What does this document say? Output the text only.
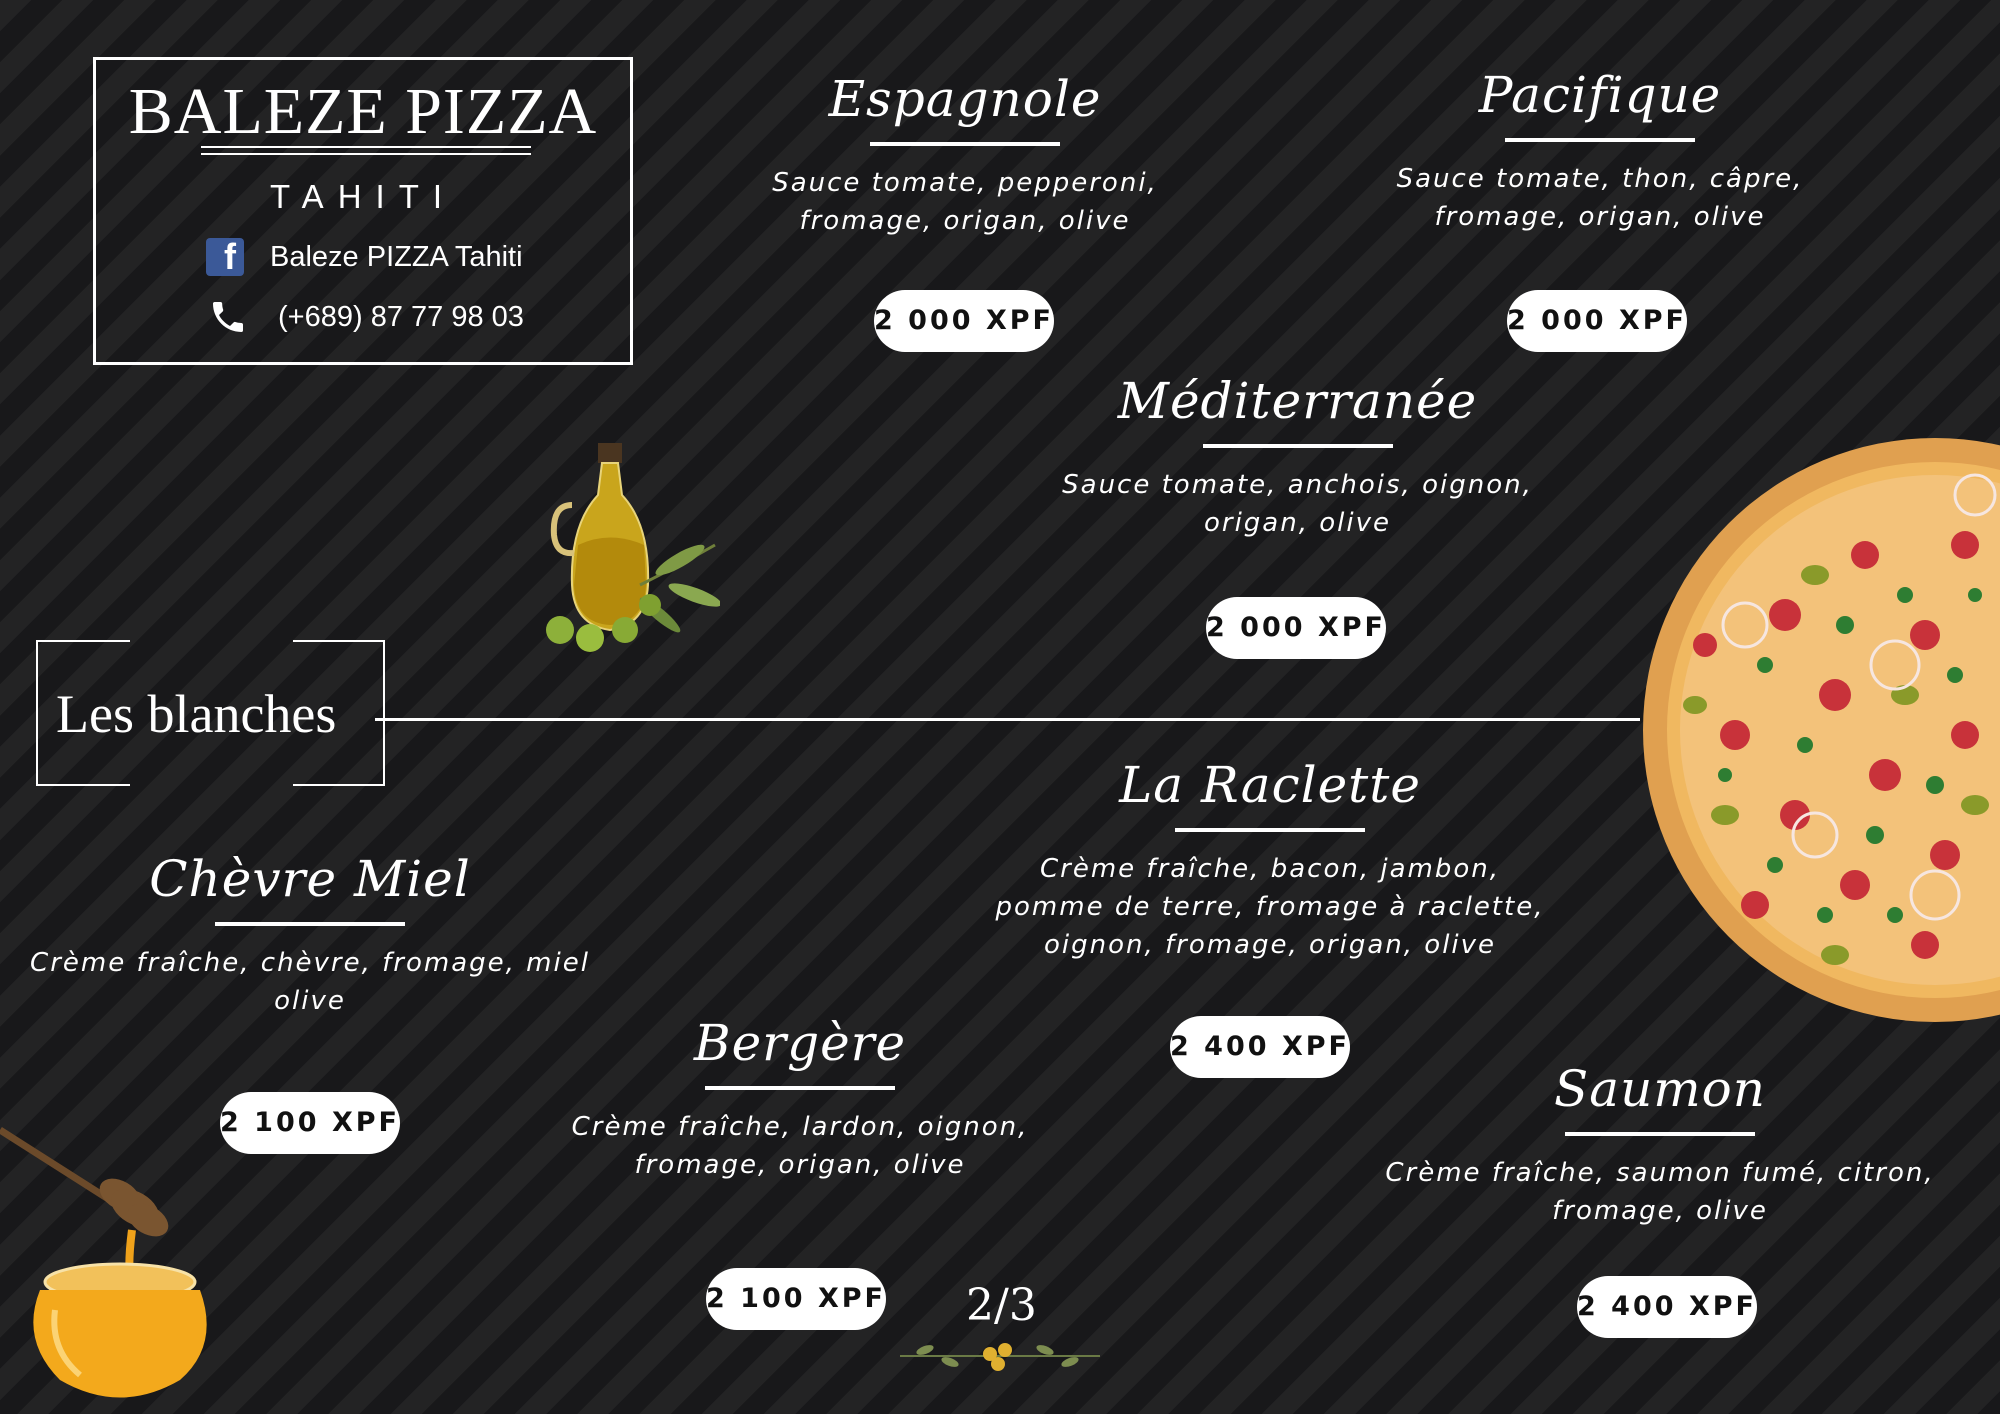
BALEZE PIZZA
TAHITI
f Baleze PIZZA Tahiti
(+689) 87 77 98 03
Espagnole
Sauce tomate, pepperoni, fromage, origan, olive
2 000 XPF
Pacifique
Sauce tomate, thon, câpre, fromage, origan, olive
2 000 XPF
Méditerranée
Sauce tomate, anchois, oignon, origan, olive
2 000 XPF
Les blanches
La Raclette
Crème fraîche, bacon, jambon, pomme de terre, fromage à raclette, oignon, fromage, origan, olive
2 400 XPF
Chèvre Miel
Crème fraîche, chèvre, fromage, miel olive
2 100 XPF
Bergère
Crème fraîche, lardon, oignon, fromage, origan, olive
2 100 XPF
Saumon
Crème fraîche, saumon fumé, citron, fromage, olive
2 400 XPF
2/3
